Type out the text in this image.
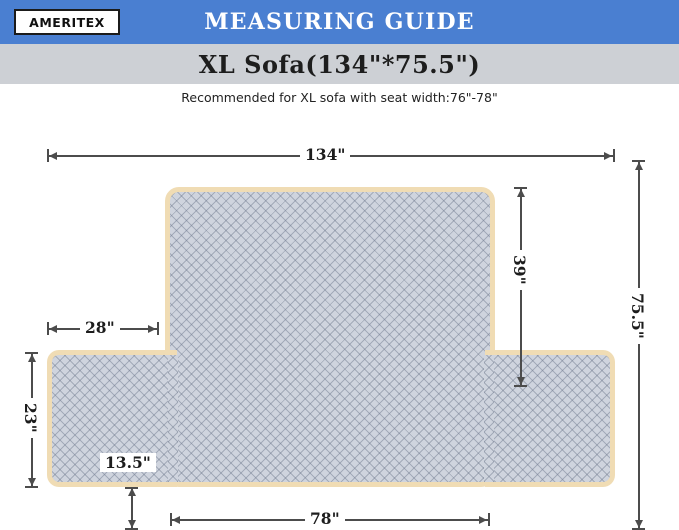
MEASURING GUIDE
AMERITEX
XL Sofa(134"*75.5")
Recommended for XL sofa with seat width:76"-78"
134"
75.5"
39"
28"
23"
13.5"
78"
